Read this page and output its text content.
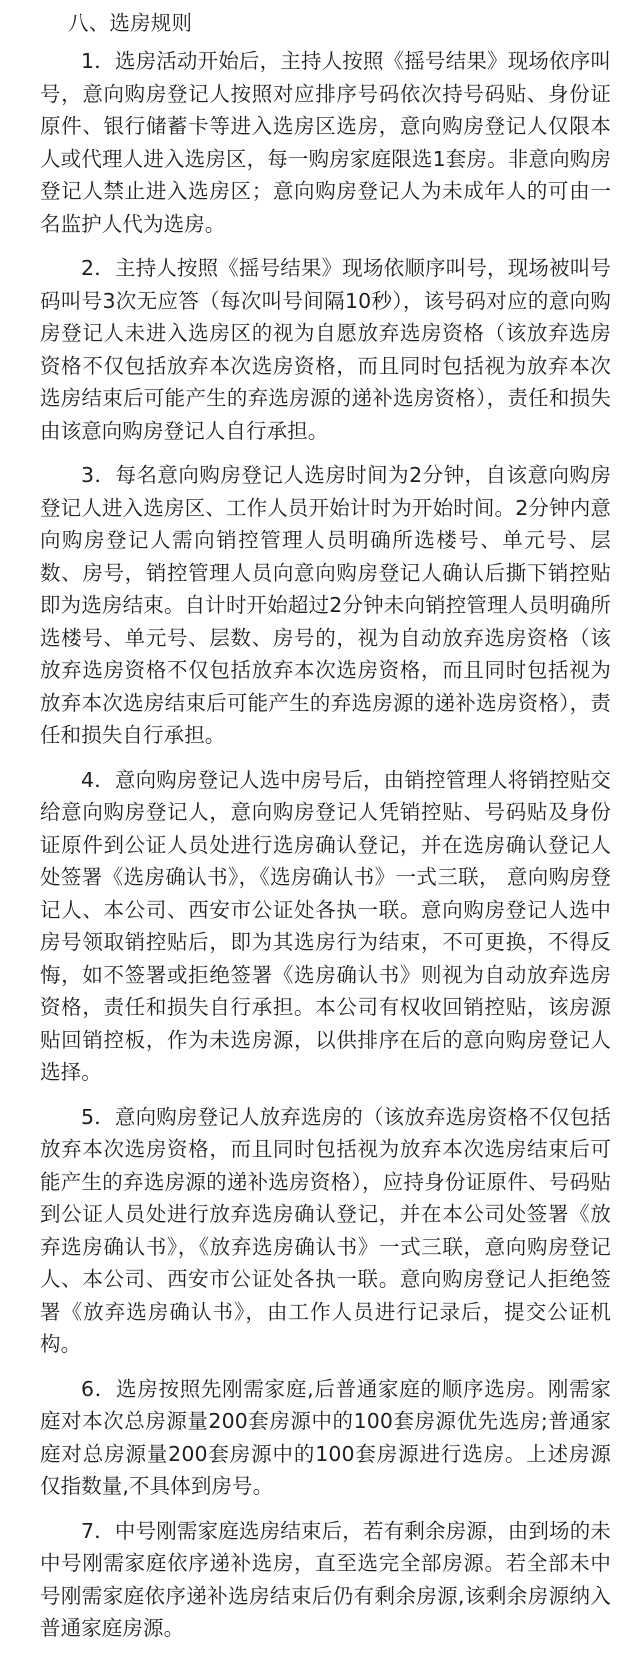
八、选房规则

1．选房活动开始后，主持人按照《摇号结果》现场依序叫号，意向购房登记人按照对应排序号码依次持号码贴、身份证原件、银行储蓄卡等进入选房区选房，意向购房登记人仅限本人或代理人进入选房区，每一购房家庭限选1套房。非意向购房登记人禁止进入选房区；意向购房登记人为未成年人的可由一名监护人代为选房。

2．主持人按照《摇号结果》现场依顺序叫号，现场被叫号码叫号3次无应答（每次叫号间隔10秒），该号码对应的意向购房登记人未进入选房区的视为自愿放弃选房资格（该放弃选房资格不仅包括放弃本次选房资格，而且同时包括视为放弃本次选房结束后可能产生的弃选房源的递补选房资格），责任和损失由该意向购房登记人自行承担。

3．每名意向购房登记人选房时间为2分钟，自该意向购房登记人进入选房区、工作人员开始计时为开始时间。2分钟内意向购房登记人需向销控管理人员明确所选楼号、单元号、层数、房号，销控管理人员向意向购房登记人确认后撕下销控贴即为选房结束。自计时开始超过2分钟未向销控管理人员明确所选楼号、单元号、层数、房号的，视为自动放弃选房资格（该放弃选房资格不仅包括放弃本次选房资格，而且同时包括视为放弃本次选房结束后可能产生的弃选房源的递补选房资格），责任和损失自行承担。

4．意向购房登记人选中房号后，由销控管理人将销控贴交给意向购房登记人，意向购房登记人凭销控贴、号码贴及身份证原件到公证人员处进行选房确认登记，并在选房确认登记人处签署《选房确认书》，《选房确认书》一式三联， 意向购房登记人、本公司、西安市公证处各执一联。意向购房登记人选中房号领取销控贴后，即为其选房行为结束，不可更换，不得反悔，如不签署或拒绝签署《选房确认书》则视为自动放弃选房资格，责任和损失自行承担。本公司有权收回销控贴，该房源贴回销控板，作为未选房源，以供排序在后的意向购房登记人选择。

5．意向购房登记人放弃选房的（该放弃选房资格不仅包括放弃本次选房资格，而且同时包括视为放弃本次选房结束后可能产生的弃选房源的递补选房资格），应持身份证原件、号码贴到公证人员处进行放弃选房确认登记，并在本公司处签署《放弃选房确认书》，《放弃选房确认书》一式三联，意向购房登记人、本公司、西安市公证处各执一联。意向购房登记人拒绝签署《放弃选房确认书》，由工作人员进行记录后，提交公证机构。

6．选房按照先刚需家庭,后普通家庭的顺序选房。刚需家庭对本次总房源量200套房源中的100套房源优先选房;普通家庭对总房源量200套房源中的100套房源进行选房。上述房源仅指数量,不具体到房号。

7．中号刚需家庭选房结束后，若有剩余房源，由到场的未中号刚需家庭依序递补选房，直至选完全部房源。若全部未中号刚需家庭依序递补选房结束后仍有剩余房源,该剩余房源纳入普通家庭房源。
